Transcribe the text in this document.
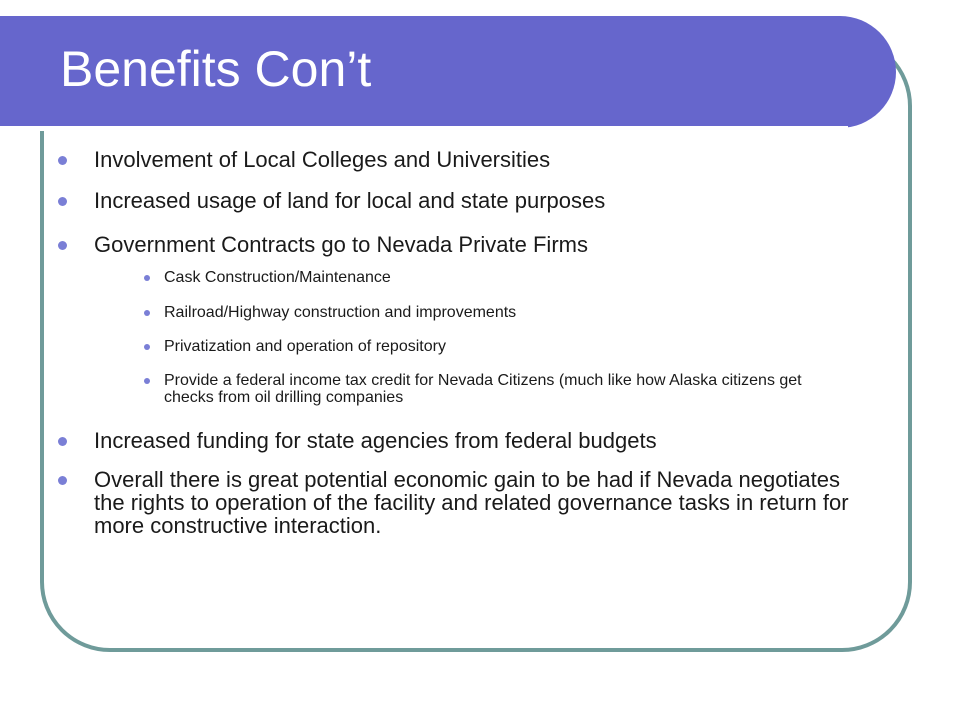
Benefits Con’t
Involvement of Local Colleges and Universities
Increased usage of land for local and state purposes
Government Contracts go to Nevada Private Firms
Cask Construction/Maintenance
Railroad/Highway construction and improvements
Privatization and operation of repository
Provide a federal income tax credit for Nevada Citizens (much like how Alaska citizens get checks from oil drilling companies
Increased funding for state agencies from federal budgets
Overall there is great potential economic gain to be had if Nevada negotiates the rights to operation of the facility and related governance tasks in return for more constructive interaction.
